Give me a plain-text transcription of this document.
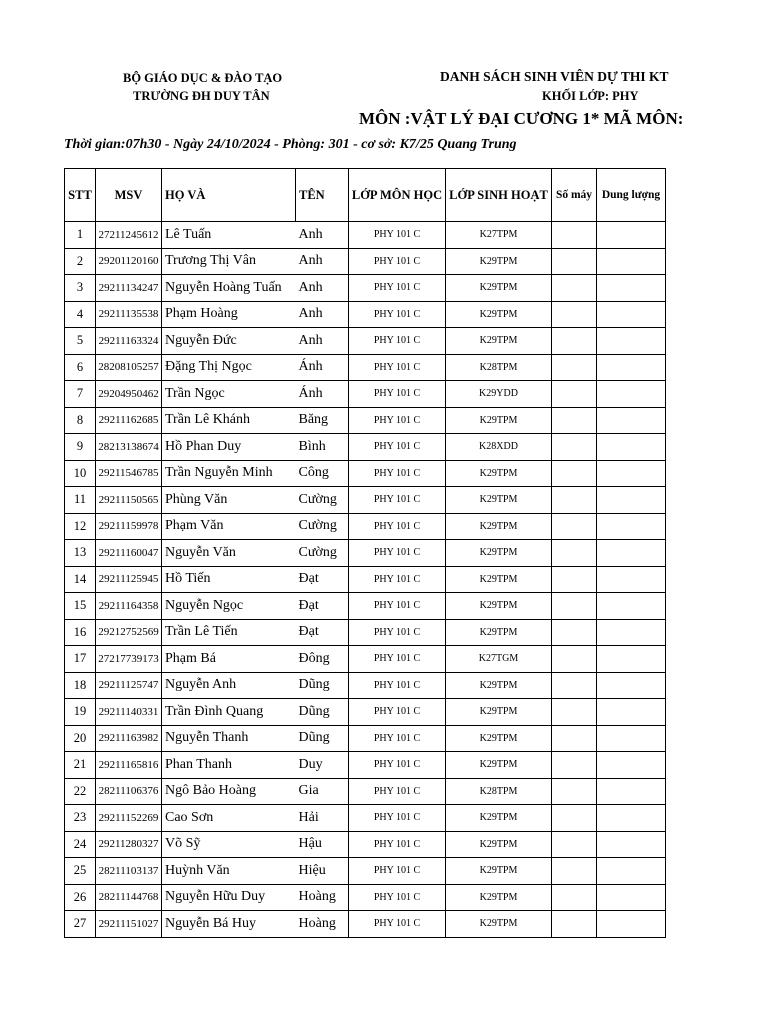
BỘ GIÁO DỤC & ĐÀO TẠO
TRƯỜNG ĐH DUY TÂN
DANH SÁCH SINH VIÊN DỰ THI KT
KHỐI LỚP: PHY
MÔN :VẬT LÝ ĐẠI CƯƠNG 1* MÃ MÔN:
Thời gian:07h30 - Ngày 24/10/2024 - Phòng: 301 - cơ sở: K7/25 Quang Trung
STT	MSV	HỌ VÀ	TÊN	LỚP MÔN HỌC	LỚP SINH HOẠT	Số máy	Dung lượng
1	27211245612	Lê Tuấn	Anh	PHY 101 C	K27TPM		
2	29201120160	Trương Thị Vân	Anh	PHY 101 C	K29TPM		
3	29211134247	Nguyễn Hoàng Tuấn	Anh	PHY 101 C	K29TPM		
4	29211135538	Phạm Hoàng	Anh	PHY 101 C	K29TPM		
5	29211163324	Nguyễn Đức	Anh	PHY 101 C	K29TPM		
6	28208105257	Đặng Thị Ngọc	Ánh	PHY 101 C	K28TPM		
7	29204950462	Trần Ngọc	Ánh	PHY 101 C	K29YDD		
8	29211162685	Trần Lê Khánh	Băng	PHY 101 C	K29TPM		
9	28213138674	Hồ Phan Duy	Bình	PHY 101 C	K28XDD		
10	29211546785	Trần Nguyễn Minh	Công	PHY 101 C	K29TPM		
11	29211150565	Phùng Văn	Cường	PHY 101 C	K29TPM		
12	29211159978	Phạm Văn	Cường	PHY 101 C	K29TPM		
13	29211160047	Nguyễn Văn	Cường	PHY 101 C	K29TPM		
14	29211125945	Hồ Tiến	Đạt	PHY 101 C	K29TPM		
15	29211164358	Nguyễn Ngọc	Đạt	PHY 101 C	K29TPM		
16	29212752569	Trần Lê Tiến	Đạt	PHY 101 C	K29TPM		
17	27217739173	Phạm Bá	Đông	PHY 101 C	K27TGM		
18	29211125747	Nguyễn Anh	Dũng	PHY 101 C	K29TPM		
19	29211140331	Trần Đình Quang	Dũng	PHY 101 C	K29TPM		
20	29211163982	Nguyễn Thanh	Dũng	PHY 101 C	K29TPM		
21	29211165816	Phan Thanh	Duy	PHY 101 C	K29TPM		
22	28211106376	Ngô Bảo Hoàng	Gia	PHY 101 C	K28TPM		
23	29211152269	Cao Sơn	Hải	PHY 101 C	K29TPM		
24	29211280327	Võ Sỹ	Hậu	PHY 101 C	K29TPM		
25	28211103137	Huỳnh Văn	Hiệu	PHY 101 C	K29TPM		
26	28211144768	Nguyễn Hữu Duy	Hoàng	PHY 101 C	K29TPM		
27	29211151027	Nguyễn Bá Huy	Hoàng	PHY 101 C	K29TPM		
